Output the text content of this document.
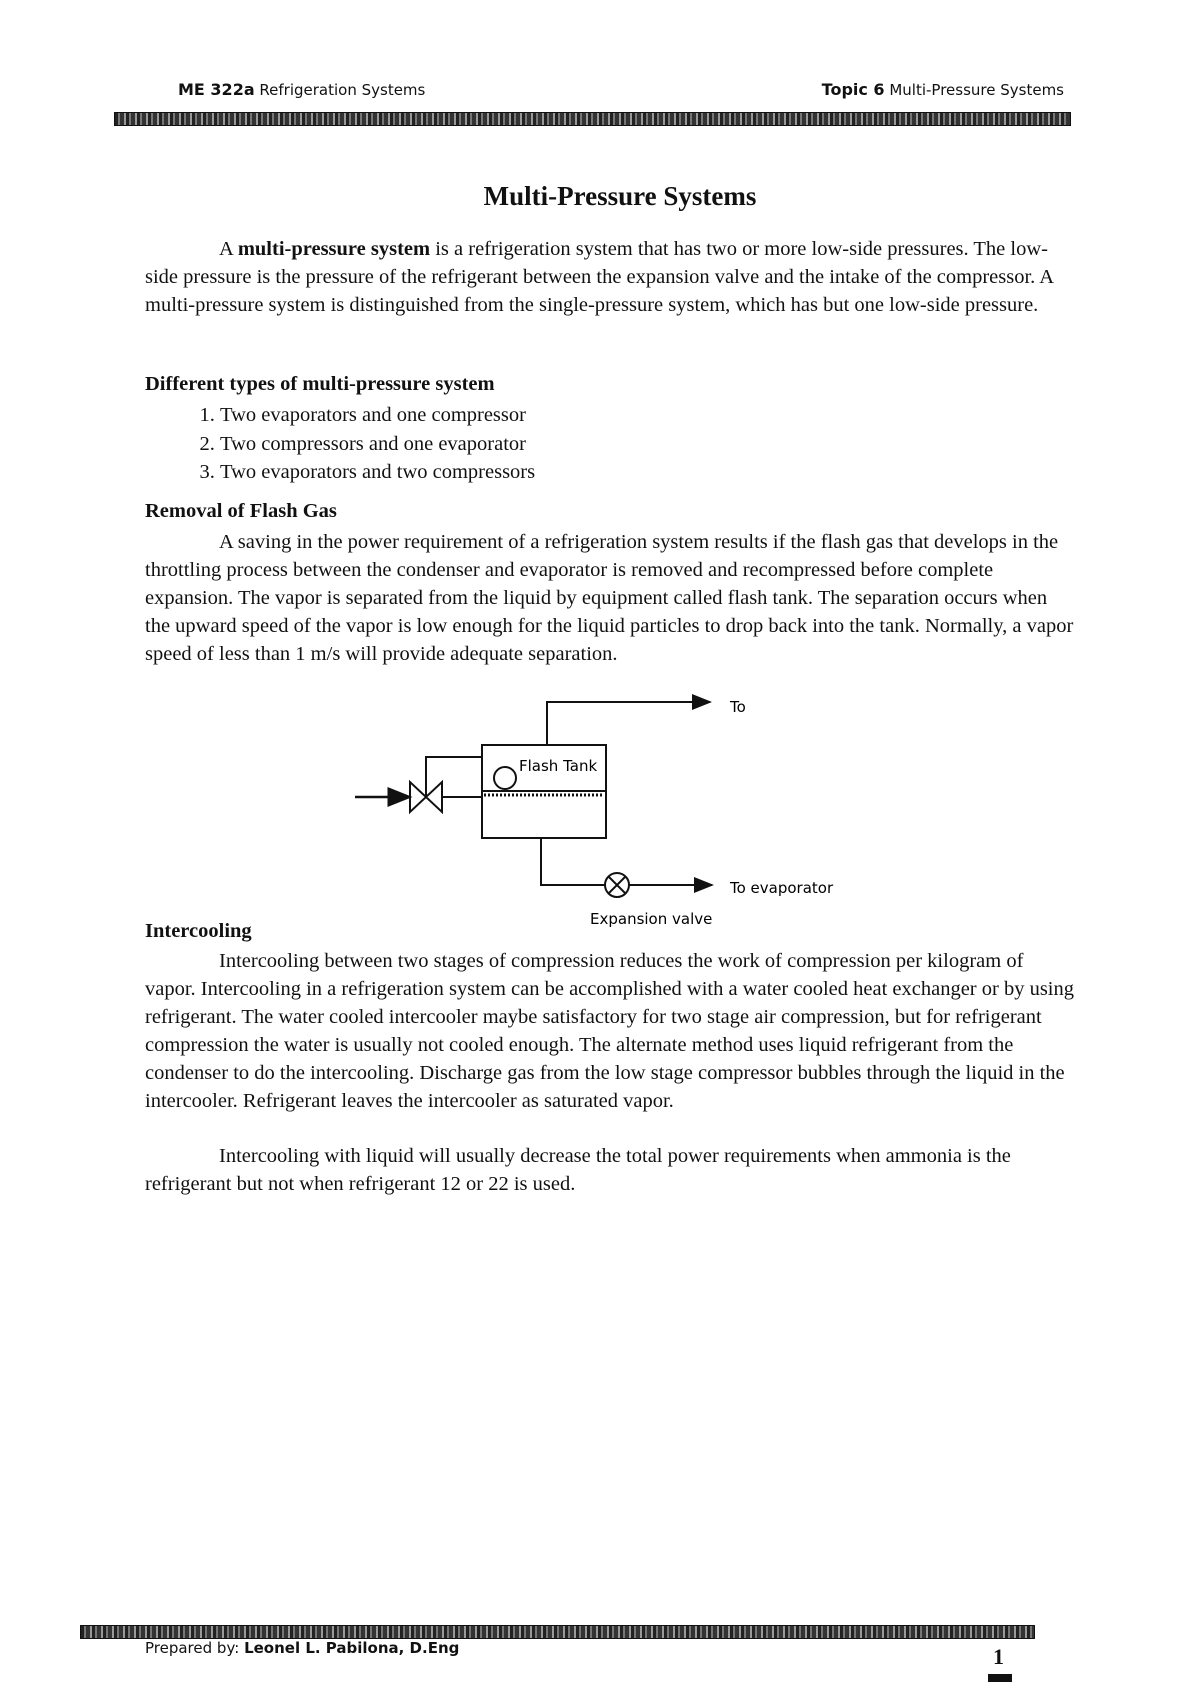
ME 322a Refrigeration Systems	Topic 6 Multi-Pressure Systems
Multi-Pressure Systems
A multi-pressure system is a refrigeration system that has two or more low-side pressures. The low-side pressure is the pressure of the refrigerant between the expansion valve and the intake of the compressor. A multi-pressure system is distinguished from the single-pressure system, which has but one low-side pressure.
Different types of multi-pressure system
1. Two evaporators and one compressor
2. Two compressors and one evaporator
3. Two evaporators and two compressors
Removal of Flash Gas
A saving in the power requirement of a refrigeration system results if the flash gas that develops in the throttling process between the condenser and evaporator is removed and recompressed before complete expansion. The vapor is separated from the liquid by equipment called flash tank. The separation occurs when the upward speed of the vapor is low enough for the liquid particles to drop back into the tank. Normally, a vapor speed of less than 1 m/s will provide adequate separation.
Flash Tank
To
To evaporator
Expansion valve
Intercooling
Intercooling between two stages of compression reduces the work of compression per kilogram of vapor. Intercooling in a refrigeration system can be accomplished with a water cooled heat exchanger or by using refrigerant. The water cooled intercooler maybe satisfactory for two stage air compression, but for refrigerant compression the water is usually not cooled enough. The alternate method uses liquid refrigerant from the condenser to do the intercooling. Discharge gas from the low stage compressor bubbles through the liquid in the intercooler. Refrigerant leaves the intercooler as saturated vapor.
Intercooling with liquid will usually decrease the total power requirements when ammonia is the refrigerant but not when refrigerant 12 or 22 is used.
Prepared by: Leonel L. Pabilona, D.Eng	1
